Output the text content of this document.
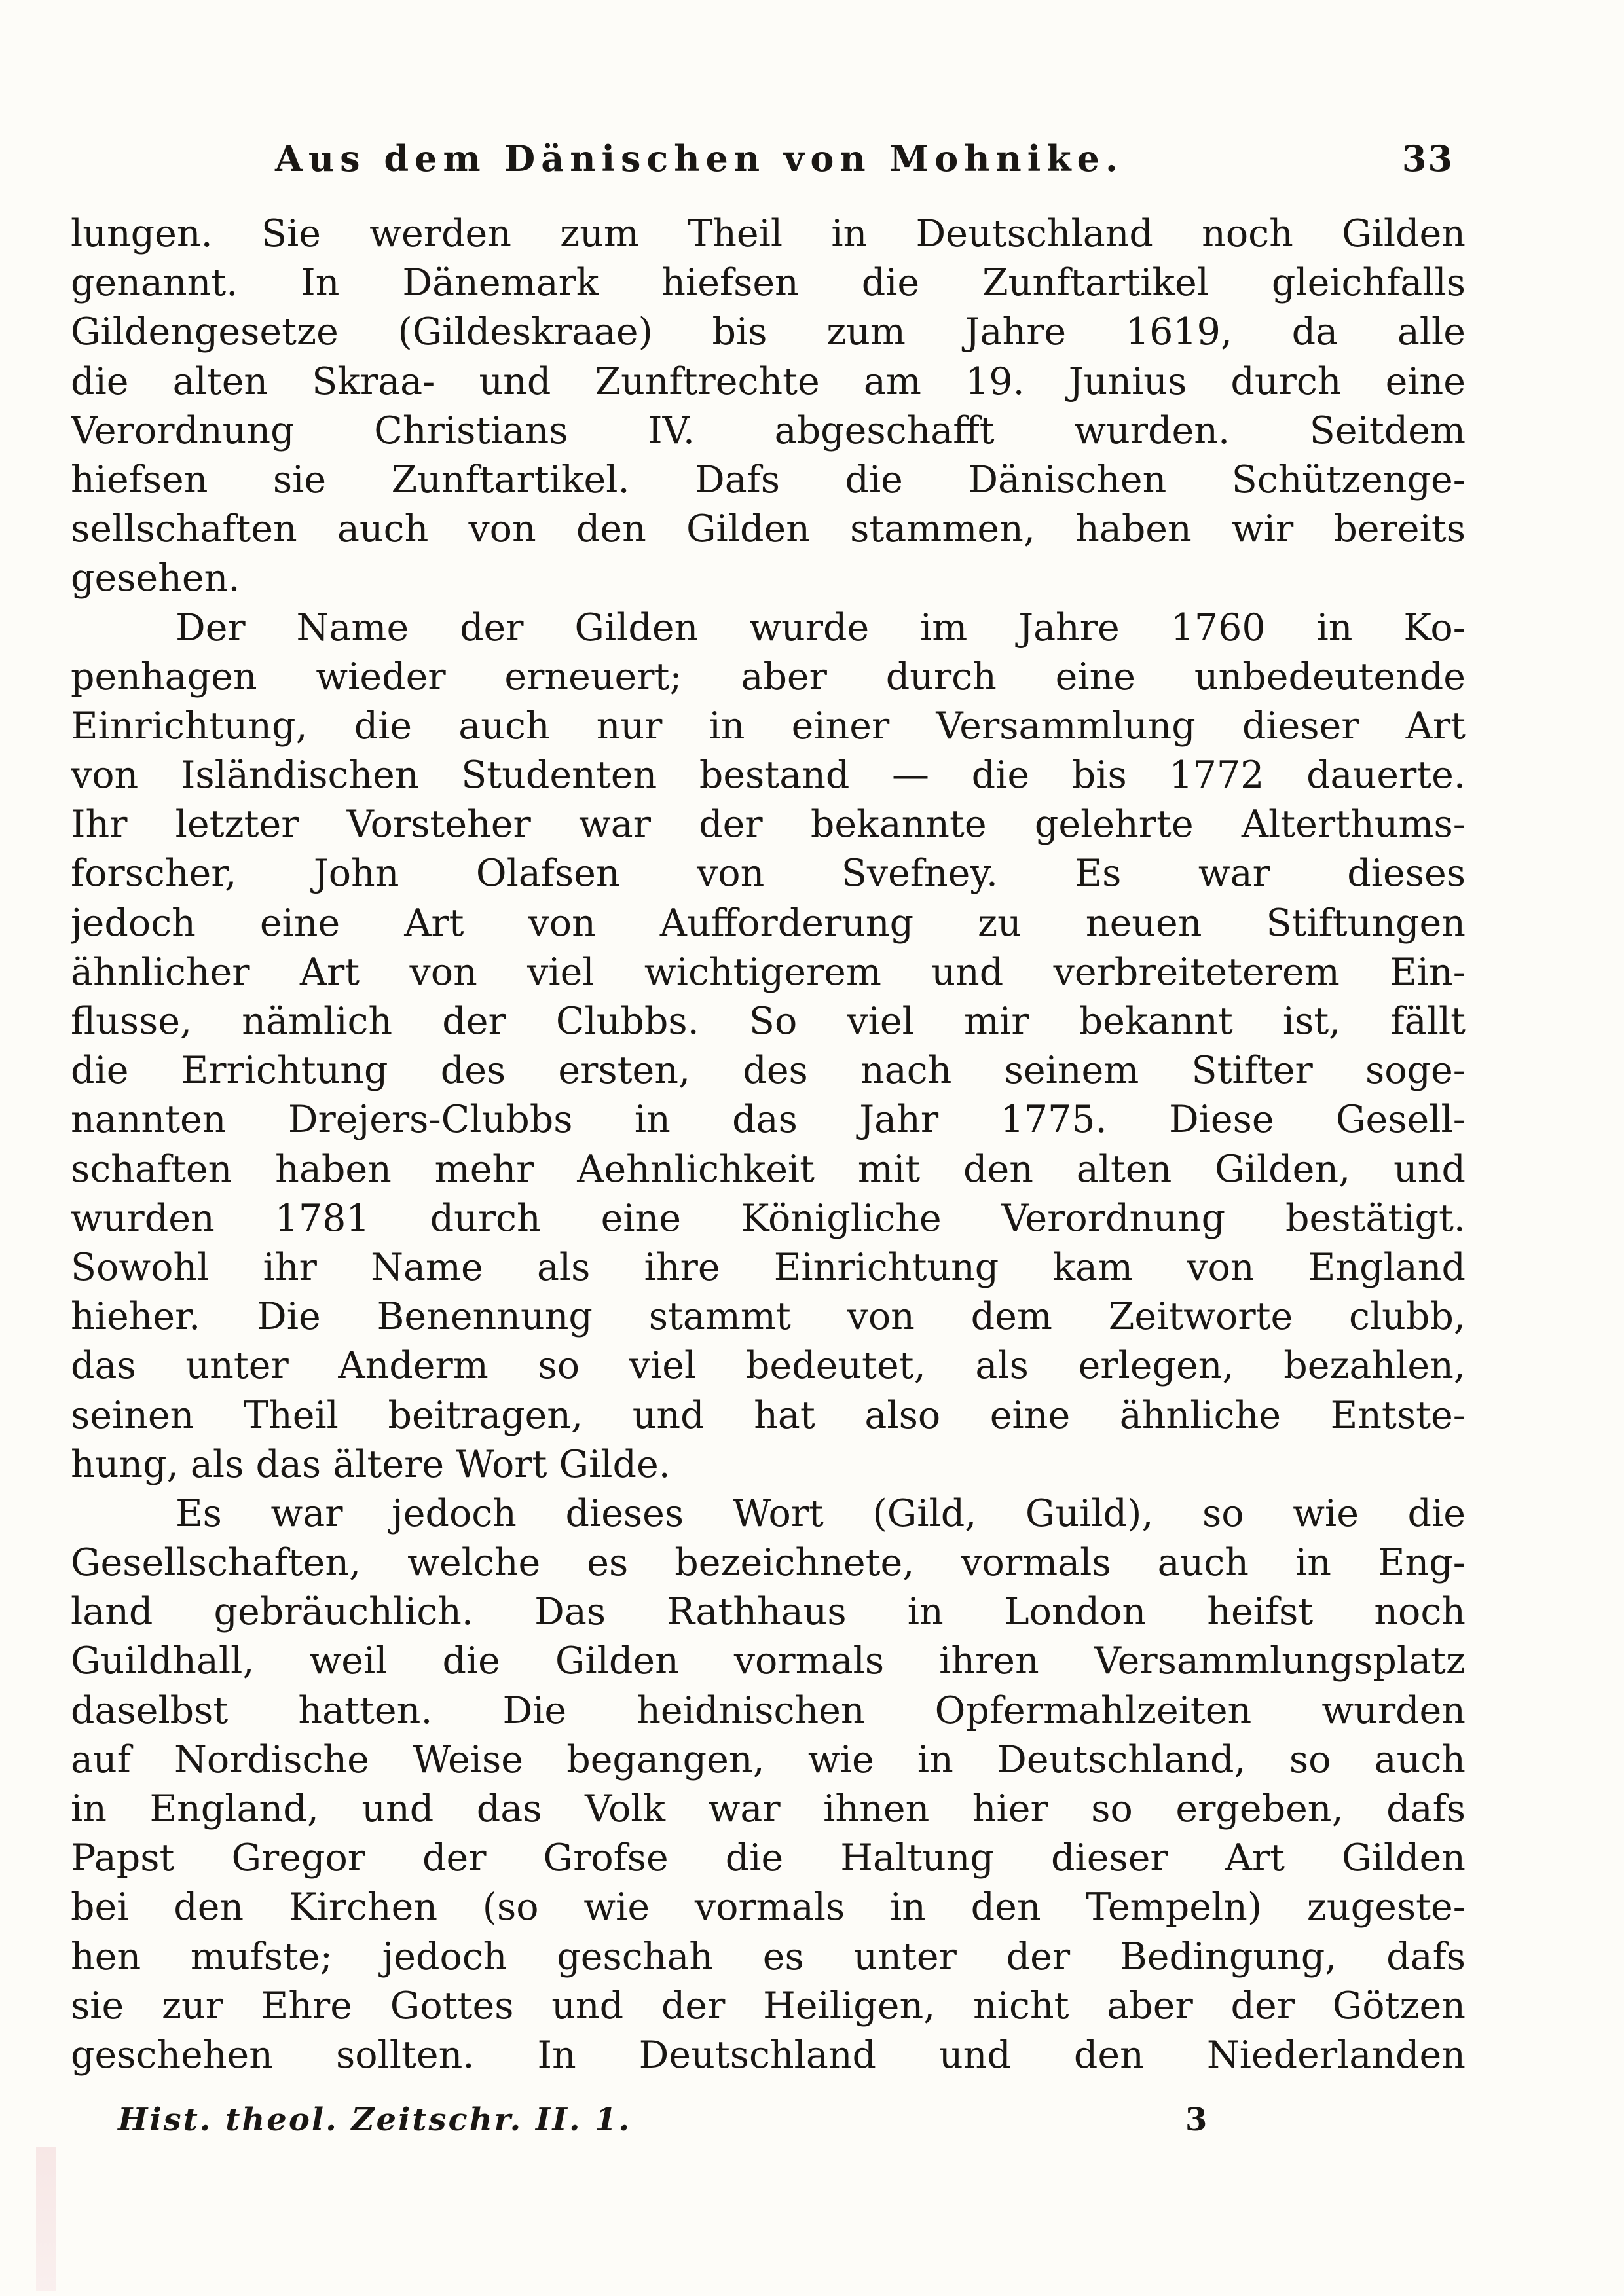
Aus dem Dänischen von Mohnike.	33
lungen. Sie werden zum Theil in Deutschland noch Gilden
genannt. In Dänemark hiefsen die Zunftartikel gleichfalls
Gildengesetze (Gildeskraae) bis zum Jahre 1619, da alle
die alten Skraa- und Zunftrechte am 19. Junius durch eine
Verordnung Christians IV. abgeschafft wurden. Seitdem
hiefsen sie Zunftartikel. Dafs die Dänischen Schützenge-
sellschaften auch von den Gilden stammen, haben wir bereits
gesehen.
Der Name der Gilden wurde im Jahre 1760 in Ko-
penhagen wieder erneuert; aber durch eine unbedeutende
Einrichtung, die auch nur in einer Versammlung dieser Art
von Isländischen Studenten bestand — die bis 1772 dauerte.
Ihr letzter Vorsteher war der bekannte gelehrte Alterthums-
forscher, John Olafsen von Svefney. Es war dieses
jedoch eine Art von Aufforderung zu neuen Stiftungen
ähnlicher Art von viel wichtigerem und verbreiteterem Ein-
flusse, nämlich der Clubbs. So viel mir bekannt ist, fällt
die Errichtung des ersten, des nach seinem Stifter soge-
nannten Drejers-Clubbs in das Jahr 1775. Diese Gesell-
schaften haben mehr Aehnlichkeit mit den alten Gilden, und
wurden 1781 durch eine Königliche Verordnung bestätigt.
Sowohl ihr Name als ihre Einrichtung kam von England
hieher. Die Benennung stammt von dem Zeitworte clubb,
das unter Anderm so viel bedeutet, als erlegen, bezahlen,
seinen Theil beitragen, und hat also eine ähnliche Entste-
hung, als das ältere Wort Gilde.
Es war jedoch dieses Wort (Gild, Guild), so wie die
Gesellschaften, welche es bezeichnete, vormals auch in Eng-
land gebräuchlich. Das Rathhaus in London heifst noch
Guildhall, weil die Gilden vormals ihren Versammlungsplatz
daselbst hatten. Die heidnischen Opfermahlzeiten wurden
auf Nordische Weise begangen, wie in Deutschland, so auch
in England, und das Volk war ihnen hier so ergeben, dafs
Papst Gregor der Grofse die Haltung dieser Art Gilden
bei den Kirchen (so wie vormals in den Tempeln) zugeste-
hen mufste; jedoch geschah es unter der Bedingung, dafs
sie zur Ehre Gottes und der Heiligen, nicht aber der Götzen
geschehen sollten. In Deutschland und den Niederlanden
Hist. theol. Zeitschr. II. 1.	3
